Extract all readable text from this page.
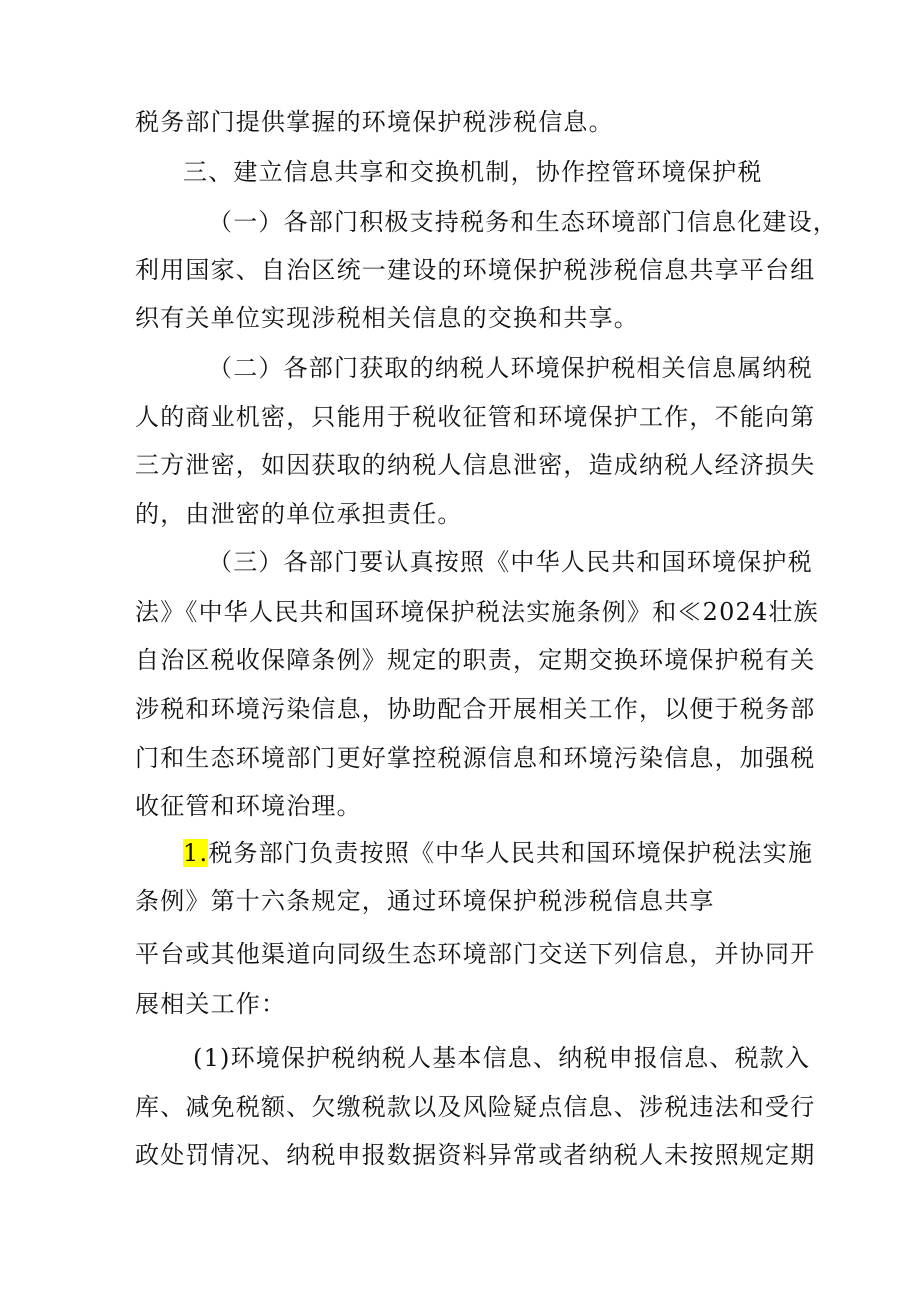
税务部门提供掌握的环境保护税涉税信息。
三、建立信息共享和交换机制，协作控管环境保护税
（一）各部门积极支持税务和生态环境部门信息化建设，
利用国家、自治区统一建设的环境保护税涉税信息共享平台组
织有关单位实现涉税相关信息的交换和共享。
（二）各部门获取的纳税人环境保护税相关信息属纳税
人的商业机密，只能用于税收征管和环境保护工作，不能向第
三方泄密，如因获取的纳税人信息泄密，造成纳税人经济损失
的，由泄密的单位承担责任。
（三）各部门要认真按照《中华人民共和国环境保护税
法》《中华人民共和国环境保护税法实施条例》和≪2024壮族
自治区税收保障条例》规定的职责，定期交换环境保护税有关
涉税和环境污染信息，协助配合开展相关工作，以便于税务部
门和生态环境部门更好掌控税源信息和环境污染信息，加强税
收征管和环境治理。
1.税务部门负责按照《中华人民共和国环境保护税法实施
条例》第十六条规定，通过环境保护税涉税信息共享
平台或其他渠道向同级生态环境部门交送下列信息，并协同开
展相关工作：
(1)环境保护税纳税人基本信息、纳税申报信息、税款入
库、减免税额、欠缴税款以及风险疑点信息、涉税违法和受行
政处罚情况、纳税申报数据资料异常或者纳税人未按照规定期
